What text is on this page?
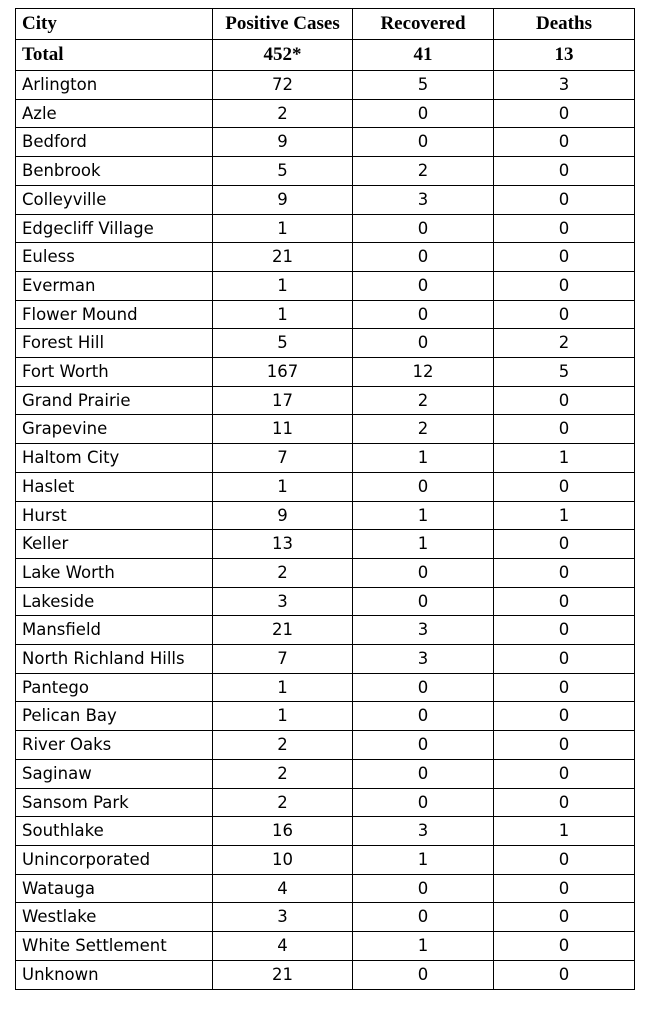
City	Positive Cases	Recovered	Deaths
Total	452*	41	13
Arlington	72	5	3
Azle	2	0	0
Bedford	9	0	0
Benbrook	5	2	0
Colleyville	9	3	0
Edgecliff Village	1	0	0
Euless	21	0	0
Everman	1	0	0
Flower Mound	1	0	0
Forest Hill	5	0	2
Fort Worth	167	12	5
Grand Prairie	17	2	0
Grapevine	11	2	0
Haltom City	7	1	1
Haslet	1	0	0
Hurst	9	1	1
Keller	13	1	0
Lake Worth	2	0	0
Lakeside	3	0	0
Mansfield	21	3	0
North Richland Hills	7	3	0
Pantego	1	0	0
Pelican Bay	1	0	0
River Oaks	2	0	0
Saginaw	2	0	0
Sansom Park	2	0	0
Southlake	16	3	1
Unincorporated	10	1	0
Watauga	4	0	0
Westlake	3	0	0
White Settlement	4	1	0
Unknown	21	0	0
